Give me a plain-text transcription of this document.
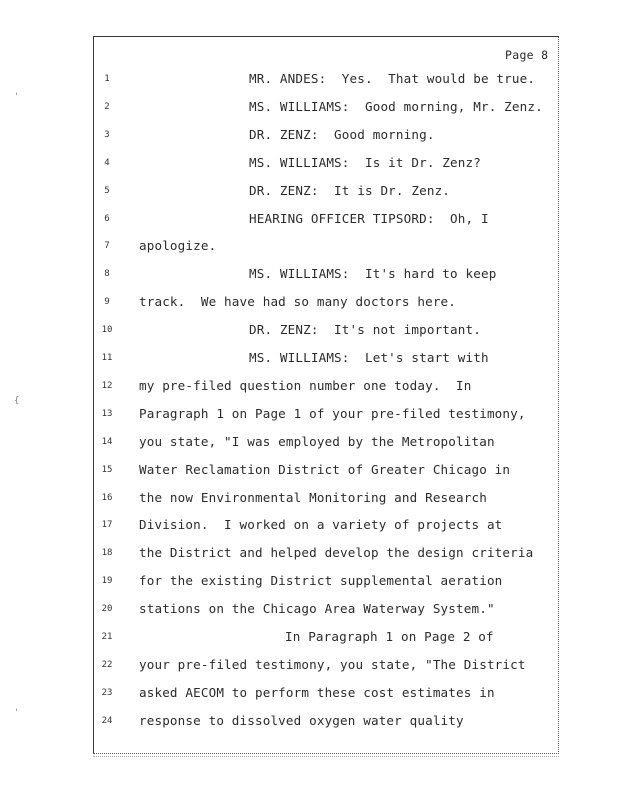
Page 8
1	MR. ANDES:  Yes.  That would be true.
2	MS. WILLIAMS:  Good morning, Mr. Zenz.
3	DR. ZENZ:  Good morning.
4	MS. WILLIAMS:  Is it Dr. Zenz?
5	DR. ZENZ:  It is Dr. Zenz.
6	HEARING OFFICER TIPSORD:  Oh, I
7	apologize.
8	MS. WILLIAMS:  It's hard to keep
9	track.  We have had so many doctors here.
10	DR. ZENZ:  It's not important.
11	MS. WILLIAMS:  Let's start with
12	my pre-filed question number one today.  In
13	Paragraph 1 on Page 1 of your pre-filed testimony,
14	you state, "I was employed by the Metropolitan
15	Water Reclamation District of Greater Chicago in
16	the now Environmental Monitoring and Research
17	Division.  I worked on a variety of projects at
18	the District and helped develop the design criteria
19	for the existing District supplemental aeration
20	stations on the Chicago Area Waterway System."
21	In Paragraph 1 on Page 2 of
22	your pre-filed testimony, you state, "The District
23	asked AECOM to perform these cost estimates in
24	response to dissolved oxygen water quality
'
{
'
